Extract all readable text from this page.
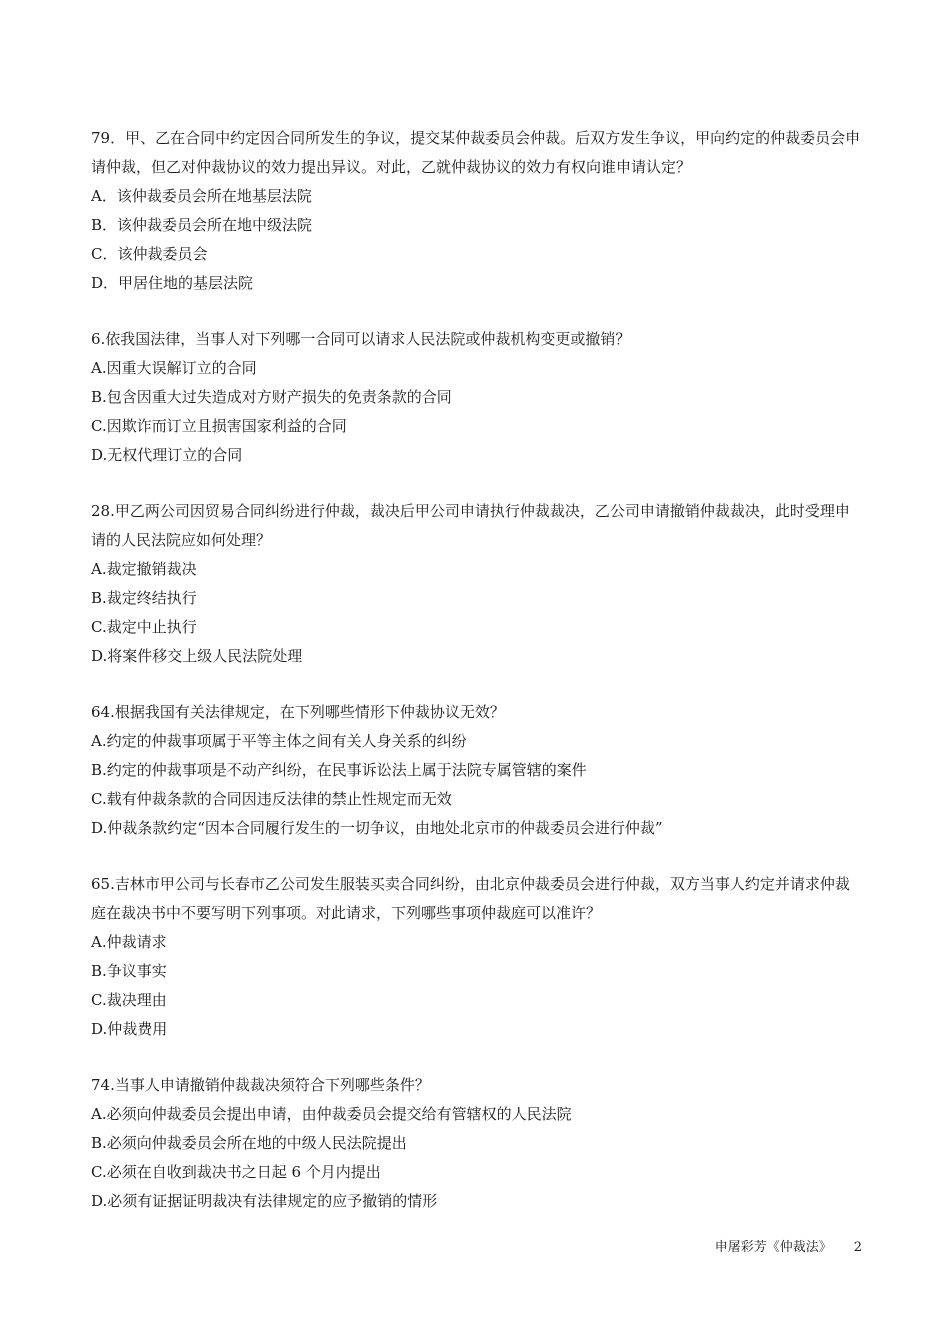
79．甲、乙在合同中约定因合同所发生的争议，提交某仲裁委员会仲裁。后双方发生争议，甲向约定的仲裁委员会申请仲裁，但乙对仲裁协议的效力提出异议。对此，乙就仲裁协议的效力有权向谁申请认定？

A．该仲裁委员会所在地基层法院

B．该仲裁委员会所在地中级法院

C．该仲裁委员会

D．甲居住地的基层法院

6.依我国法律，当事人对下列哪一合同可以请求人民法院或仲裁机构变更或撤销？

A.因重大误解订立的合同

B.包含因重大过失造成对方财产损失的免责条款的合同

C.因欺诈而订立且损害国家利益的合同

D.无权代理订立的合同

28.甲乙两公司因贸易合同纠纷进行仲裁，裁决后甲公司申请执行仲裁裁决，乙公司申请撤销仲裁裁决，此时受理申请的人民法院应如何处理？

A.裁定撤销裁决

B.裁定终结执行

C.裁定中止执行

D.将案件移交上级人民法院处理

64.根据我国有关法律规定，在下列哪些情形下仲裁协议无效？

A.约定的仲裁事项属于平等主体之间有关人身关系的纠纷

B.约定的仲裁事项是不动产纠纷，在民事诉讼法上属于法院专属管辖的案件

C.载有仲裁条款的合同因违反法律的禁止性规定而无效

D.仲裁条款约定“因本合同履行发生的一切争议，由地处北京市的仲裁委员会进行仲裁”

65.吉林市甲公司与长春市乙公司发生服装买卖合同纠纷，由北京仲裁委员会进行仲裁，双方当事人约定并请求仲裁庭在裁决书中不要写明下列事项。对此请求，下列哪些事项仲裁庭可以准许？

A.仲裁请求

B.争议事实

C.裁决理由

D.仲裁费用

74.当事人申请撤销仲裁裁决须符合下列哪些条件？

A.必须向仲裁委员会提出申请，由仲裁委员会提交给有管辖权的人民法院

B.必须向仲裁委员会所在地的中级人民法院提出

C.必须在自收到裁决书之日起 6 个月内提出

D.必须有证据证明裁决有法律规定的应予撤销的情形

申屠彩芳《仲裁法》 2
